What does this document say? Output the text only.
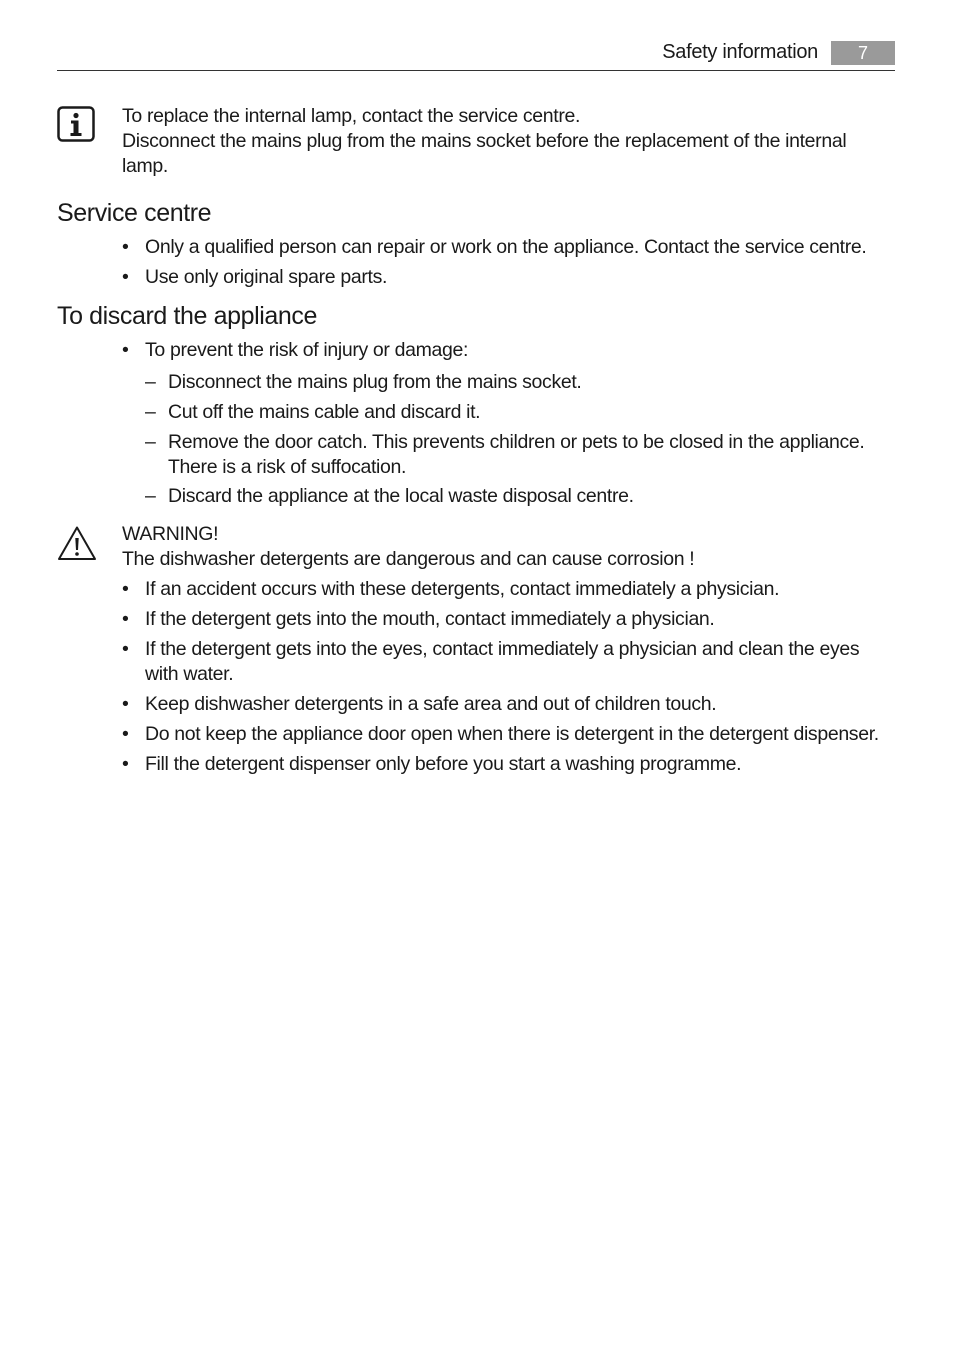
Safety information	7
To replace the internal lamp, contact the service centre.
Disconnect the mains plug from the mains socket before the replacement of the internal
lamp.
Service centre
• Only a qualified person can repair or work on the appliance. Contact the service centre.
• Use only original spare parts.
To discard the appliance
• To prevent the risk of injury or damage:
– Disconnect the mains plug from the mains socket.
– Cut off the mains cable and discard it.
– Remove the door catch. This prevents children or pets to be closed in the appliance.
There is a risk of suffocation.
– Discard the appliance at the local waste disposal centre.
WARNING!
The dishwasher detergents are dangerous and can cause corrosion !
• If an accident occurs with these detergents, contact immediately a physician.
• If the detergent gets into the mouth, contact immediately a physician.
• If the detergent gets into the eyes, contact immediately a physician and clean the eyes
with water.
• Keep dishwasher detergents in a safe area and out of children touch.
• Do not keep the appliance door open when there is detergent in the detergent dispenser.
• Fill the detergent dispenser only before you start a washing programme.
